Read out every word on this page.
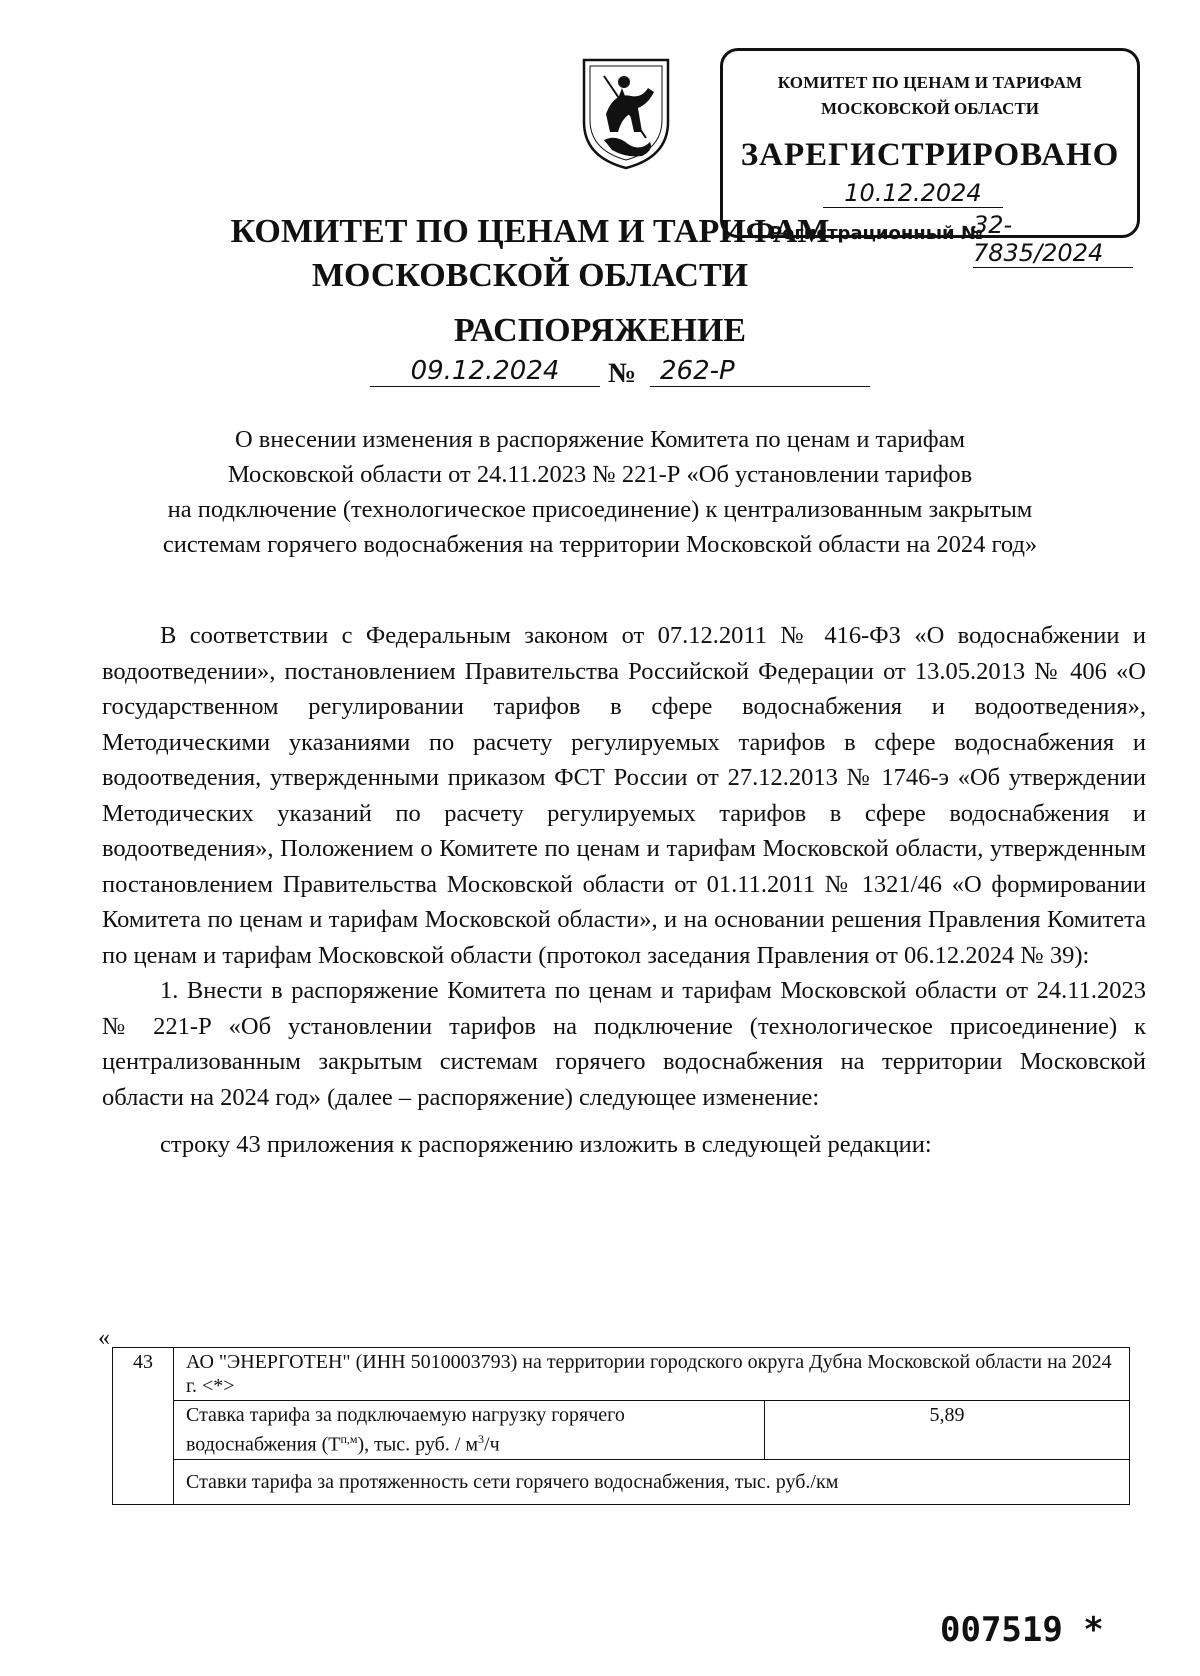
КОМИТЕТ ПО ЦЕНАМ И ТАРИФАМ
МОСКОВСКОЙ ОБЛАСТИ
ЗАРЕГИСТРИРОВАНО
10.12.2024
Регистрационный №
32-7835/2024
КОМИТЕТ ПО ЦЕНАМ И ТАРИФАМ
МОСКОВСКОЙ ОБЛАСТИ
РАСПОРЯЖЕНИЕ
09.12.2024	№ 262-Р
О внесении изменения в распоряжение Комитета по ценам и тарифам
Московской области от 24.11.2023 № 221-Р «Об установлении тарифов
на подключение (технологическое присоединение) к централизованным закрытым
системам горячего водоснабжения на территории Московской области на 2024 год»

В соответствии с Федеральным законом от 07.12.2011 № 416-ФЗ «О водоснабжении и водоотведении», постановлением Правительства Российской Федерации от 13.05.2013 № 406 «О государственном регулировании тарифов в сфере водоснабжения и водоотведения», Методическими указаниями по расчету регулируемых тарифов в сфере водоснабжения и водоотведения, утвержденными приказом ФСТ России от 27.12.2013 № 1746-э «Об утверждении Методических указаний по расчету регулируемых тарифов в сфере водоснабжения и водоотведения», Положением о Комитете по ценам и тарифам Московской области, утвержденным постановлением Правительства Московской области от 01.11.2011 № 1321/46 «О формировании Комитета по ценам и тарифам Московской области», и на основании решения Правления Комитета по ценам и тарифам Московской области (протокол заседания Правления от 06.12.2024 № 39):

1. Внести в распоряжение Комитета по ценам и тарифам Московской области от 24.11.2023 № 221-Р «Об установлении тарифов на подключение (технологическое присоединение) к централизованным закрытым системам горячего водоснабжения на территории Московской области на 2024 год» (далее – распоряжение) следующее изменение:

строку 43 приложения к распоряжению изложить в следующей редакции:

«
43	АО "ЭНЕРГОТЕН" (ИНН 5010003793) на территории городского округа Дубна Московской области на 2024 г. <*>	
	Ставка тарифа за подключаемую нагрузку горячего водоснабжения $(Т^{п,м})$, тыс. руб. / $м^3/ч$	5,89
	Ставки тарифа за протяженность сети горячего водоснабжения, тыс. руб./км	
007519 *
